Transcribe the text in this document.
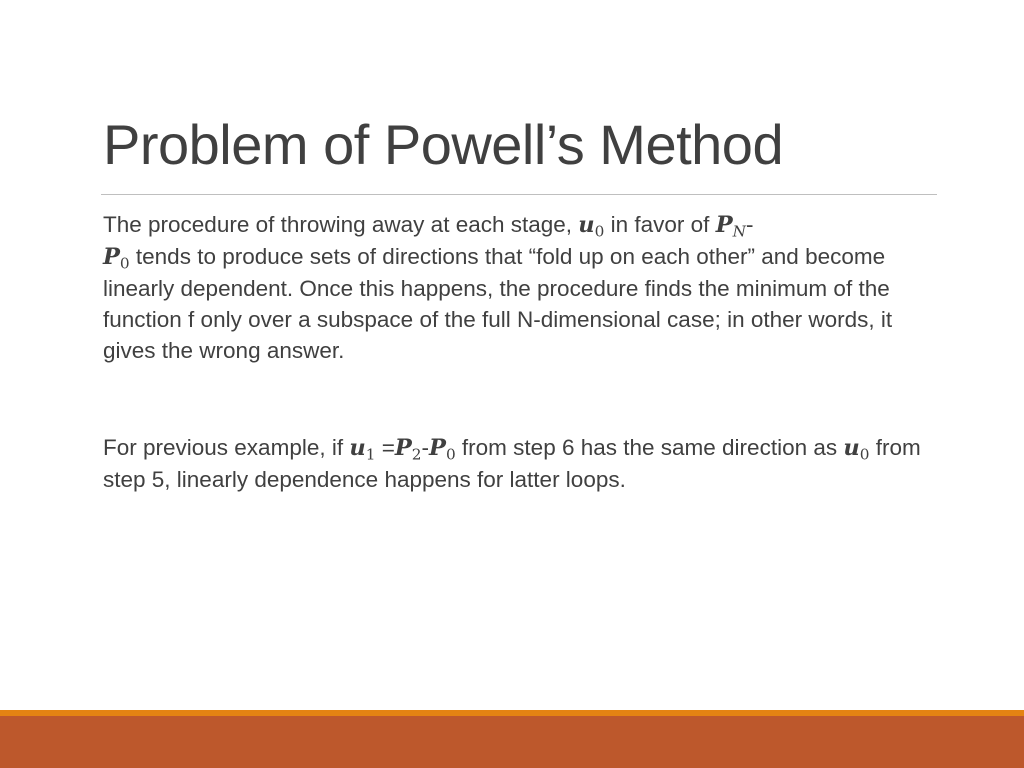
Problem of Powell’s Method

The procedure of throwing away at each stage, $u_0$ in favor of $P_N-$
$P_0$ tends to produce sets of directions that “fold up on each other” and become linearly dependent. Once this happens, the procedure finds the minimum of the function f only over a subspace of the full N-dimensional case; in other words, it gives the wrong answer.

For previous example, if $u_1 =P_2-P_0$ from step 6 has the same direction as $u_0$ from step 5, linearly dependence happens for latter loops.
